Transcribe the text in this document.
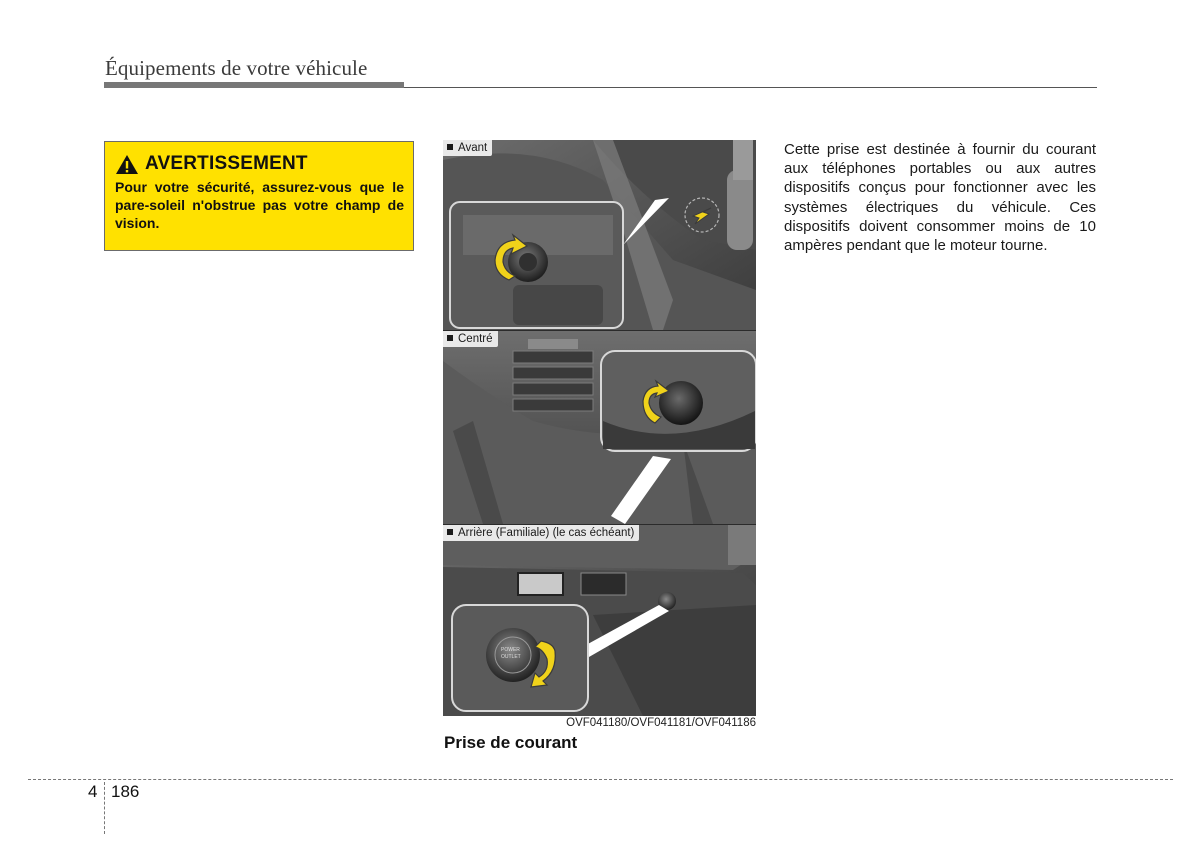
Équipements de votre véhicule
AVERTISSEMENT
Pour votre sécurité, assurez-vous que le pare-soleil n'obstrue pas votre champ de vision.
Avant
Centré
POWER
OUTLET
Arrière (Familiale) (le cas échéant)
OVF041180/OVF041181/OVF041186
Prise de courant
Cette prise est destinée à fournir du courant aux téléphones portables ou aux autres dispositifs conçus pour fonctionner avec les systèmes électriques du véhicule. Ces dispositifs doivent consommer moins de 10 ampères pendant que le moteur tourne.
4 186
